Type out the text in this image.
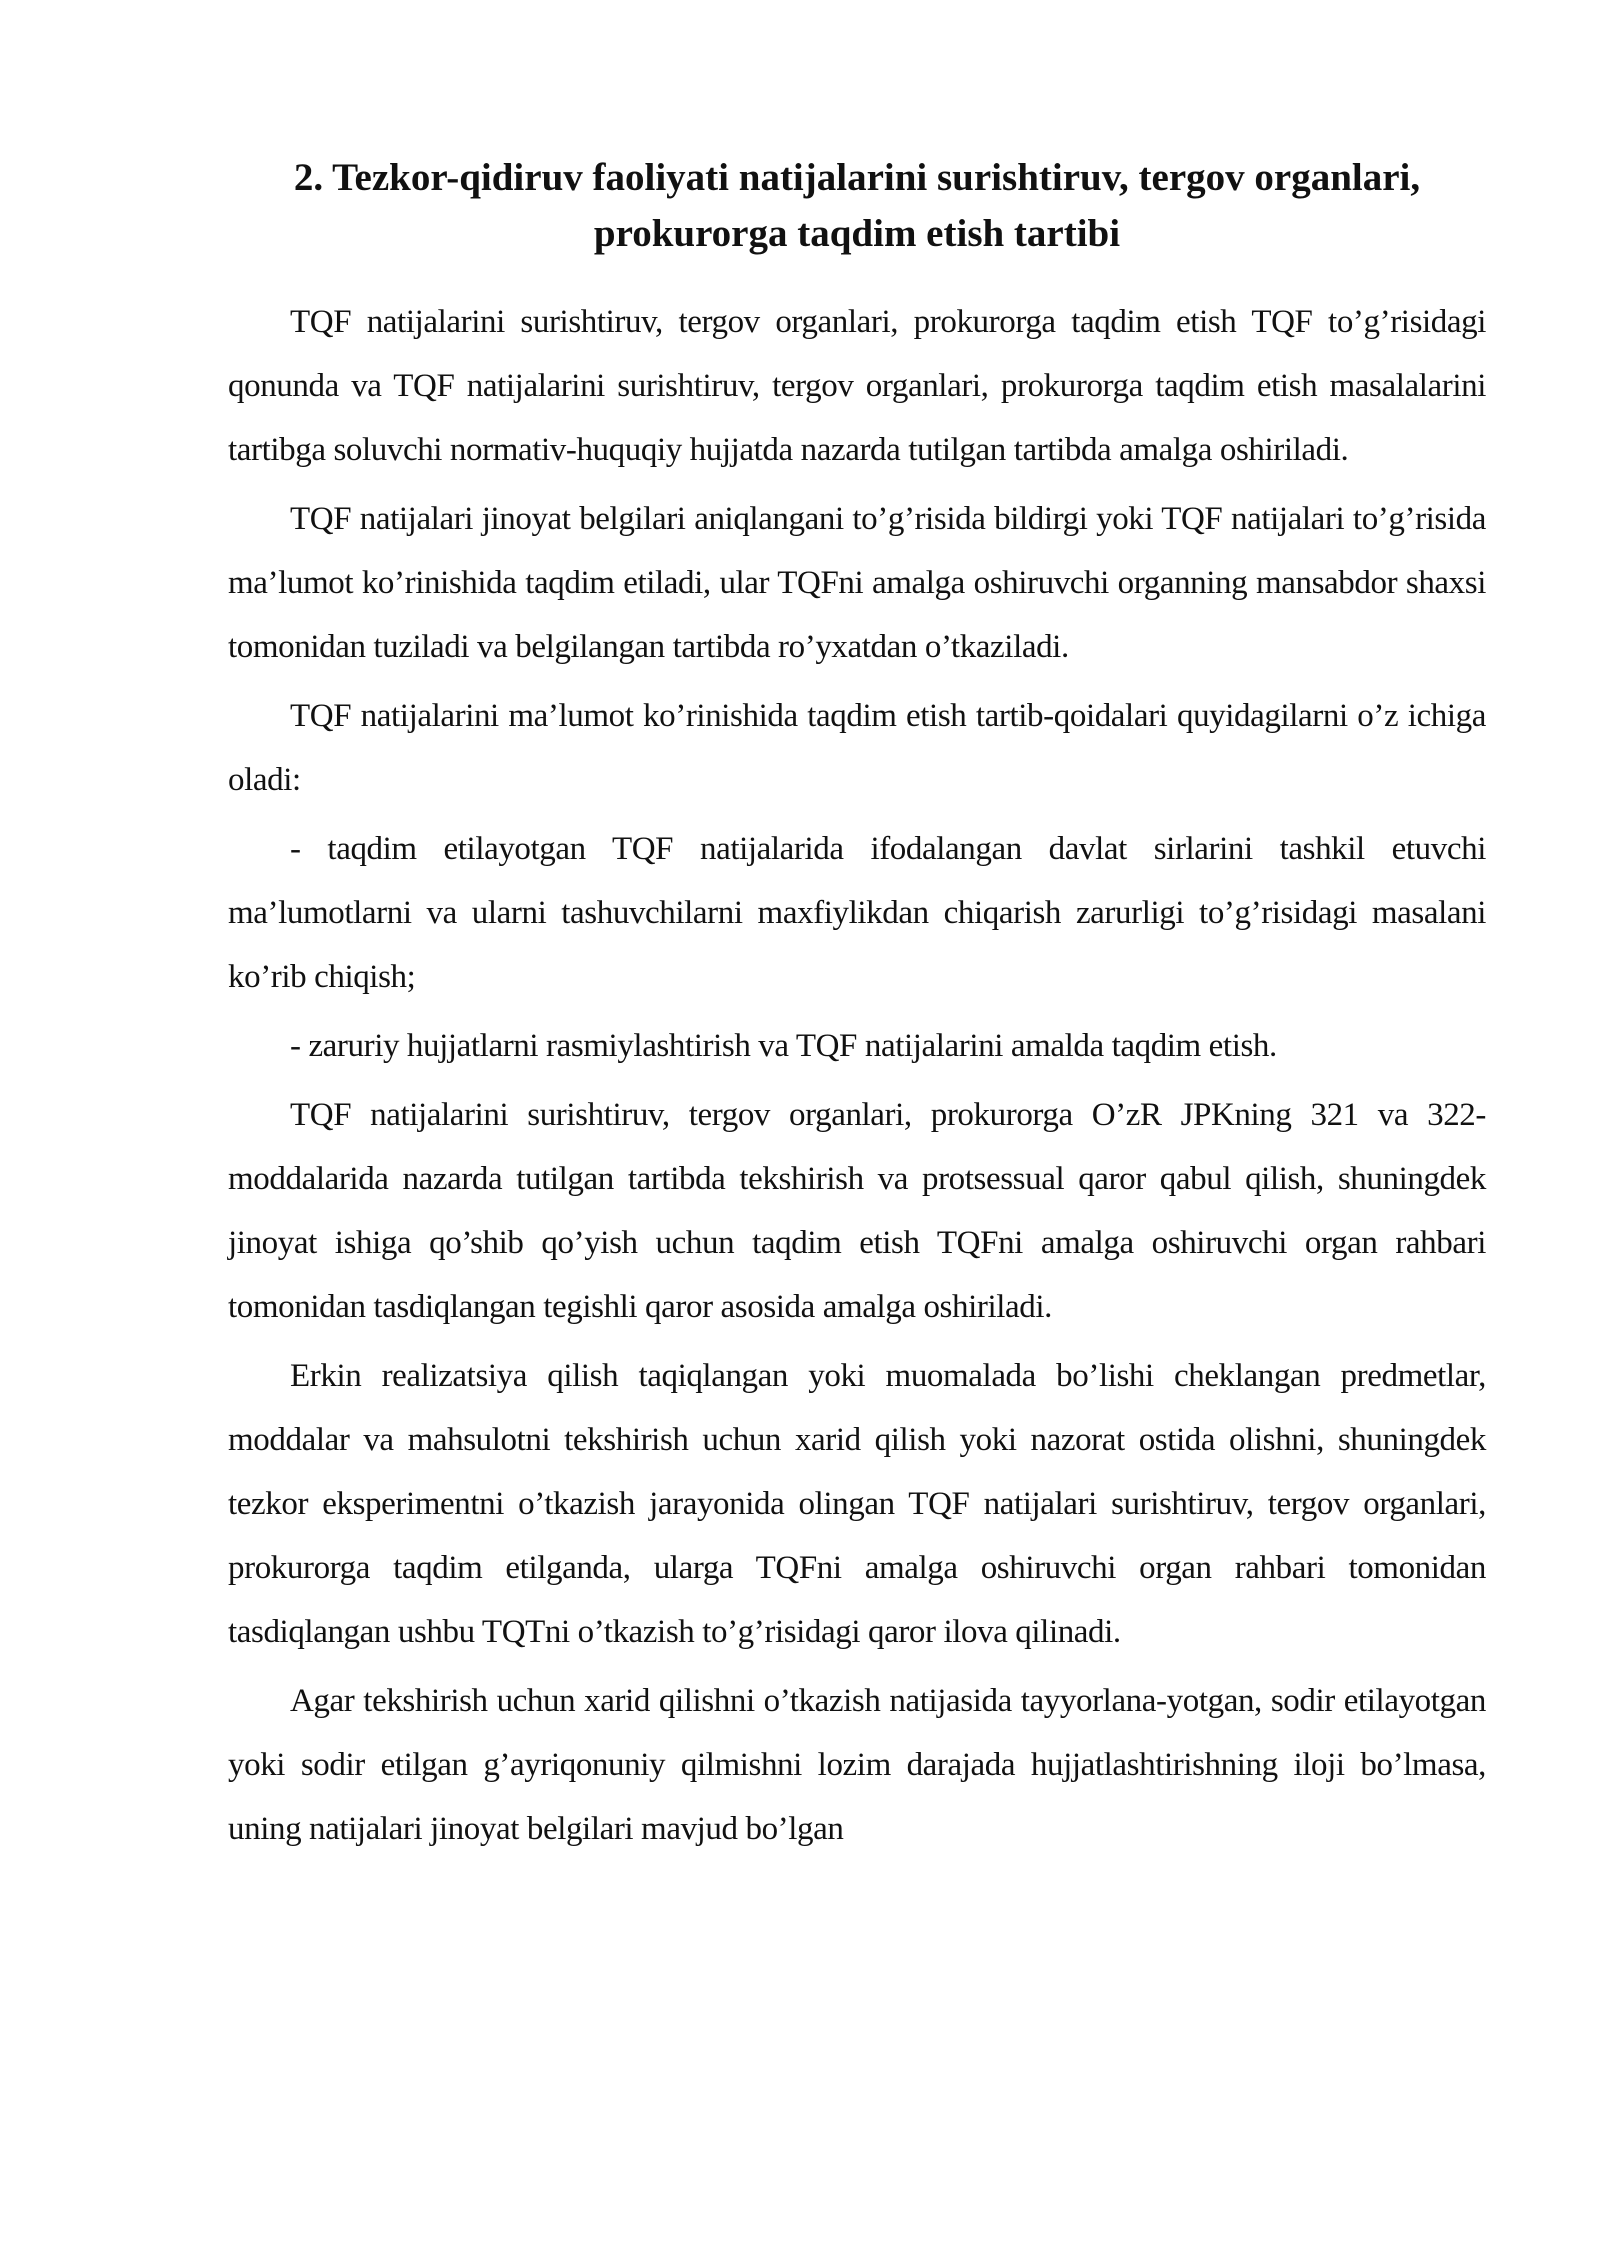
2. Tezkor-qidiruv faoliyati natijalarini surishtiruv, tergov organlari,
prokurorga taqdim etish tartibi

TQF natijalarini surishtiruv, tergov organlari, prokurorga taqdim etish TQF to’g’risidagi qonunda va TQF natijalarini surishtiruv, tergov organlari, prokurorga taqdim etish masalalarini tartibga soluvchi normativ-huquqiy hujjatda nazarda tutilgan tartibda amalga oshiriladi.

TQF natijalari jinoyat belgilari aniqlangani to’g’risida bildirgi yoki TQF natijalari to’g’risida ma’lumot ko’rinishida taqdim etiladi, ular TQFni amalga oshiruvchi organning mansabdor shaxsi tomonidan tuziladi va belgilangan tartibda ro’yxatdan o’tkaziladi.

TQF natijalarini ma’lumot ko’rinishida taqdim etish tartib-qoidalari quyidagilarni o’z ichiga oladi:

- taqdim etilayotgan TQF natijalarida ifodalangan davlat sirlarini tashkil etuvchi ma’lumotlarni va ularni tashuvchilarni maxfiylikdan chiqarish zarurligi to’g’risidagi masalani ko’rib chiqish;

- zaruriy hujjatlarni rasmiylashtirish va TQF natijalarini amalda taqdim etish.

TQF natijalarini surishtiruv, tergov organlari, prokurorga O’zR JPKning 321 va 322-moddalarida nazarda tutilgan tartibda tekshirish va protsessual qaror qabul qilish, shuningdek jinoyat ishiga qo’shib qo’yish uchun taqdim etish TQFni amalga oshiruvchi organ rahbari tomonidan tasdiqlangan tegishli qaror asosida amalga oshiriladi.

Erkin realizatsiya qilish taqiqlangan yoki muomalada bo’lishi cheklangan predmetlar, moddalar va mahsulotni tekshirish uchun xarid qilish yoki nazorat ostida olishni, shuningdek tezkor eksperimentni o’tkazish jarayonida olingan TQF natijalari surishtiruv, tergov organlari, prokurorga taqdim etilganda, ularga TQFni amalga oshiruvchi organ rahbari tomonidan tasdiqlangan ushbu TQTni o’tkazish to’g’risidagi qaror ilova qilinadi.

Agar tekshirish uchun xarid qilishni o’tkazish natijasida tayyorlana-yotgan, sodir etilayotgan yoki sodir etilgan g’ayriqonuniy qilmishni lozim darajada hujjatlashtirishning iloji bo’lmasa, uning natijalari jinoyat belgilari mavjud bo’lgan
